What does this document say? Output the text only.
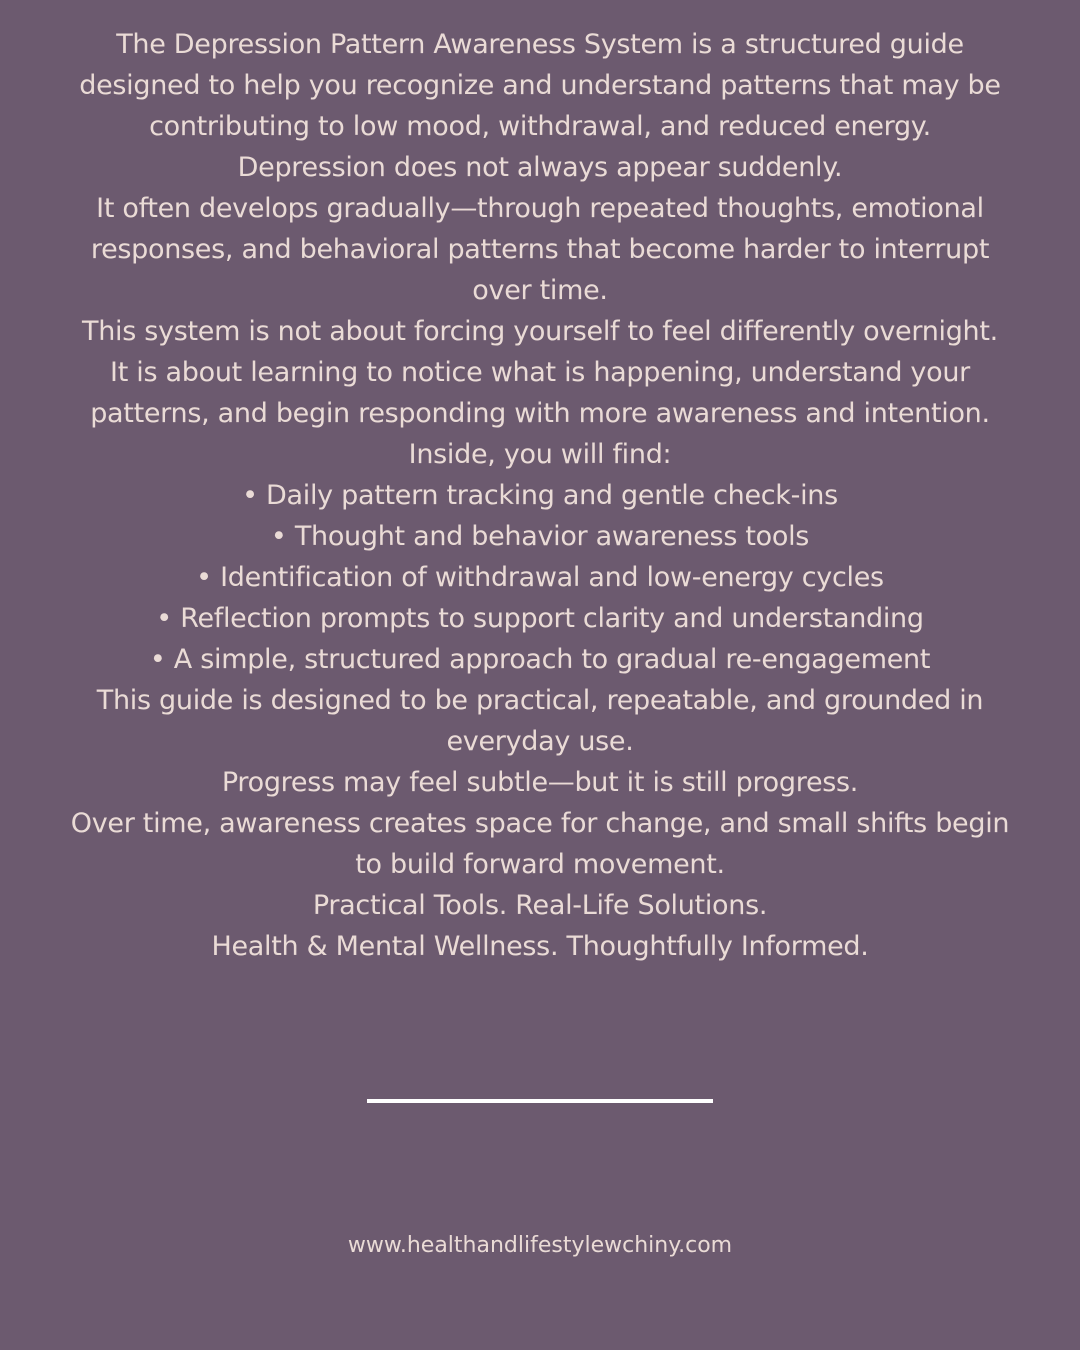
The Depression Pattern Awareness System is a structured guide
designed to help you recognize and understand patterns that may be
contributing to low mood, withdrawal, and reduced energy.
Depression does not always appear suddenly.
It often develops gradually—through repeated thoughts, emotional
responses, and behavioral patterns that become harder to interrupt
over time.
This system is not about forcing yourself to feel differently overnight.
It is about learning to notice what is happening, understand your
patterns, and begin responding with more awareness and intention.
Inside, you will find:
• Daily pattern tracking and gentle check-ins
• Thought and behavior awareness tools
• Identification of withdrawal and low-energy cycles
• Reflection prompts to support clarity and understanding
• A simple, structured approach to gradual re-engagement
This guide is designed to be practical, repeatable, and grounded in
everyday use.
Progress may feel subtle—but it is still progress.
Over time, awareness creates space for change, and small shifts begin
to build forward movement.
Practical Tools. Real-Life Solutions.
Health & Mental Wellness. Thoughtfully Informed.
www.healthandlifestylewchiny.com
